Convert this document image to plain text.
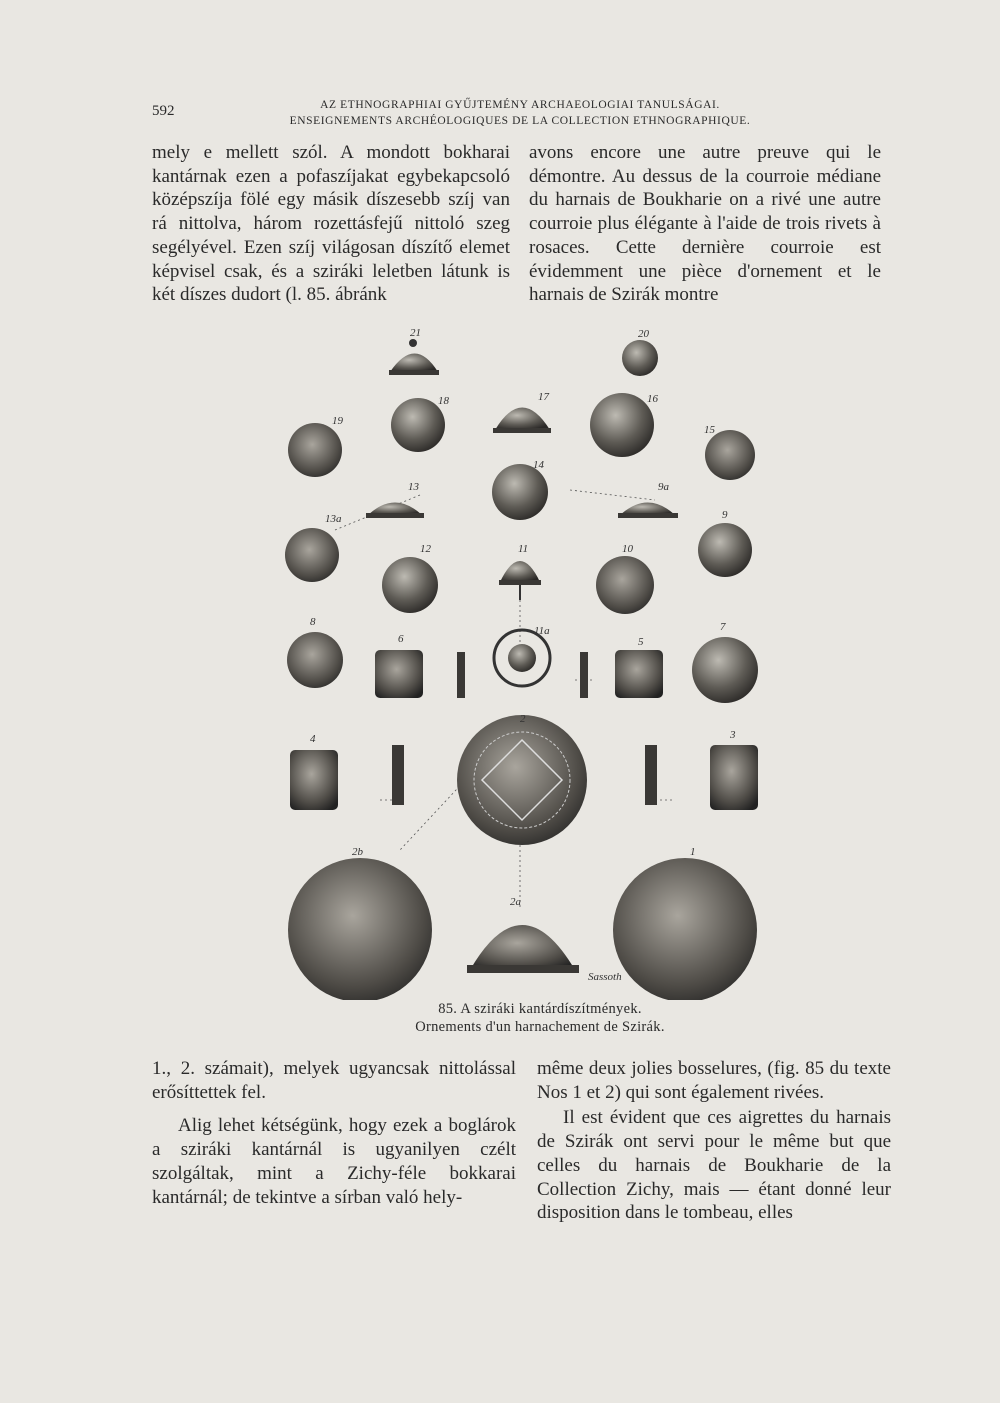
592	AZ ETHNOGRAPHIAI GYŰJTEMÉNY ARCHAEOLOGIAI TANULSÁGAI.
ENSEIGNEMENTS ARCHÉOLOGIQUES DE LA COLLECTION ETHNOGRAPHIQUE.

mely e mellett szól. A mondott bokharai kantárnak ezen a pofaszíjakat egybekapcsoló középszíja fölé egy másik díszesebb szíj van rá nittolva, három rozettásfejű nittoló szeg segélyével. Ezen szíj világosan díszítő elemet képvisel csak, és a sziráki leletben látunk is két díszes dudort (l. 85. ábránk

avons encore une autre preuve qui le démontre. Au dessus de la courroie médiane du harnais de Boukharie on a rivé une autre courroie plus élégante à l'aide de trois rivets à rosaces. Cette dernière courroie est évidemment une pièce d'ornement et le harnais de Szirák montre

21	20
19
18	17	16
15
14
13
13a
9a
9
12	11	10
8
6
11a
5
7
2
4	3
2b	1
2a
Sassoth
85. A sziráki kantárdíszítmények.
Ornements d'un harnachement de Szirák.

1., 2. számait), melyek ugyancsak nittolással erősíttettek fel.

Alig lehet kétségünk, hogy ezek a boglárok a sziráki kantárnál is ugyanilyen czélt szolgáltak, mint a Zichy-féle bokkarai kantárnál; de tekintve a sírban való hely-

même deux jolies bosselures, (fig. 85 du texte Nos 1 et 2) qui sont également rivées.

Il est évident que ces aigrettes du harnais de Szirák ont servi pour le même but que celles du harnais de Boukharie de la Collection Zichy, mais — étant donné leur disposition dans le tombeau, elles
